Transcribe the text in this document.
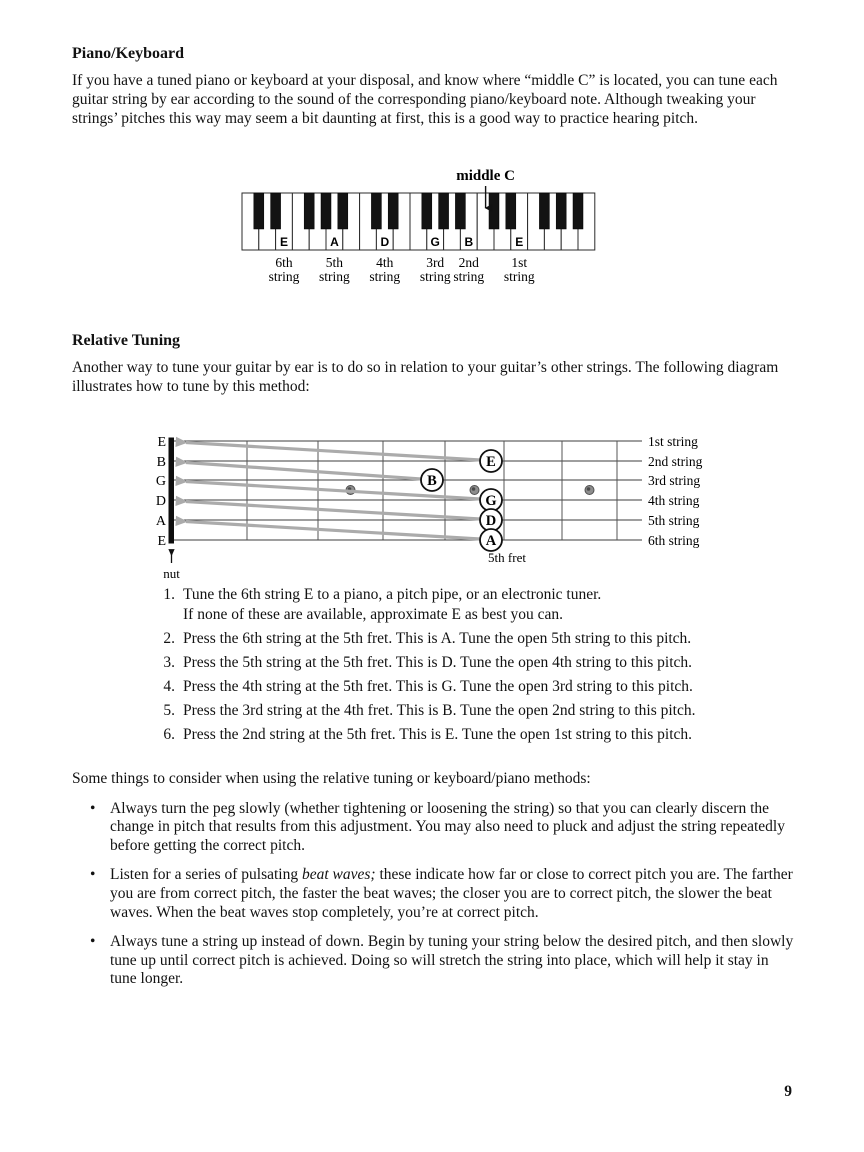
Piano/Keyboard
If you have a tuned piano or keyboard at your disposal, and know where “middle C” is located, you can tune each guitar string by ear according to the sound of the corresponding piano/keyboard note. Although tweaking your strings’ pitches this way may seem a bit daunting at first, this is a good way to practice hearing pitch.
E
6th
string
A
5th
string
D
4th
string
G
3rd
string
B
2nd
string
E
1st
string
middle C
Relative Tuning
Another way to tune your guitar by ear is to do so in relation to your guitar’s other strings. The following diagram illustrates how to tune by this method:
E	1st string
B	2nd string
G	3rd string
D	4th string
A	5th string
E	6th string
E
B
G
D
A
nut
5th fret
1. Tune the 6th string E to a piano, a pitch pipe, or an electronic tuner.
If none of these are available, approximate E as best you can.
2. Press the 6th string at the 5th fret. This is A. Tune the open 5th string to this pitch.
3. Press the 5th string at the 5th fret. This is D. Tune the open 4th string to this pitch.
4. Press the 4th string at the 5th fret. This is G. Tune the open 3rd string to this pitch.
5. Press the 3rd string at the 4th fret. This is B. Tune the open 2nd string to this pitch.
6. Press the 2nd string at the 5th fret. This is E. Tune the open 1st string to this pitch.
Some things to consider when using the relative tuning or keyboard/piano methods:
• Always turn the peg slowly (whether tightening or loosening the string) so that you can clearly discern the change in pitch that results from this adjustment. You may also need to pluck and adjust the string repeatedly before getting the correct pitch.
• Listen for a series of pulsating beat waves; these indicate how far or close to correct pitch you are. The farther you are from correct pitch, the faster the beat waves; the closer you are to correct pitch, the slower the beat waves. When the beat waves stop completely, you’re at correct pitch.
• Always tune a string up instead of down. Begin by tuning your string below the desired pitch, and then slowly tune up until correct pitch is achieved. Doing so will stretch the string into place, which will help it stay in tune longer.
9
